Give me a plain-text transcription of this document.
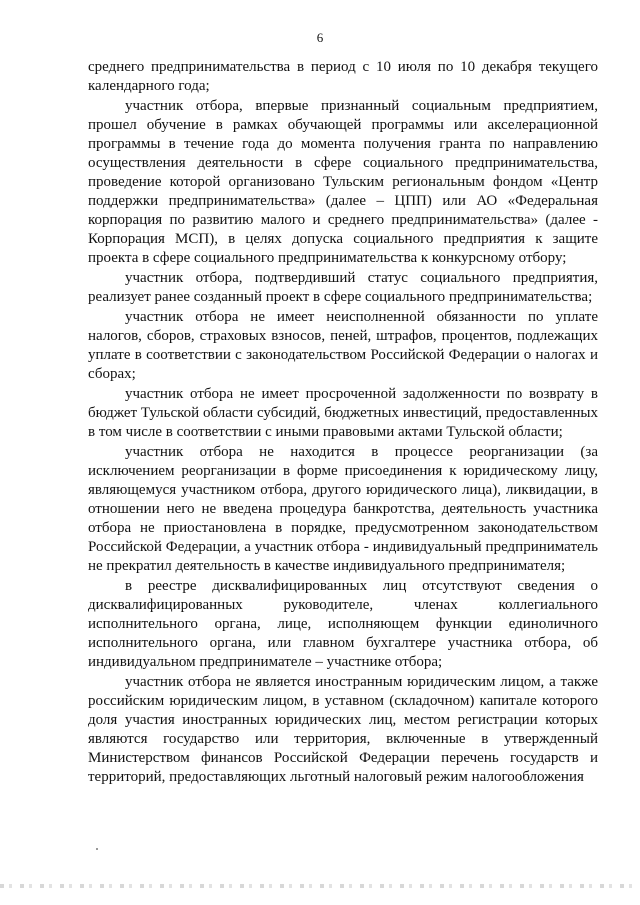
6

среднего предпринимательства в период с 10 июля по 10 декабря текущего календарного года;

участник отбора, впервые признанный социальным предприятием, прошел обучение в рамках обучающей программы или акселерационной программы в течение года до момента получения гранта по направлению осуществления деятельности в сфере социального предпринимательства, проведение которой организовано Тульским региональным фондом «Центр поддержки предпринимательства» (далее – ЦПП) или АО «Федеральная корпорация по развитию малого и среднего предпринимательства» (далее - Корпорация МСП), в целях допуска социального предприятия к защите проекта в сфере социального предпринимательства к конкурсному отбору;

участник отбора, подтвердивший статус социального предприятия, реализует ранее созданный проект в сфере социального предпринимательства;

участник отбора не имеет неисполненной обязанности по уплате налогов, сборов, страховых взносов, пеней, штрафов, процентов, подлежащих уплате в соответствии с законодательством Российской Федерации о налогах и сборах;

участник отбора не имеет просроченной задолженности по возврату в бюджет Тульской области субсидий, бюджетных инвестиций, предоставленных в том числе в соответствии с иными правовыми актами Тульской области;

участник отбора не находится в процессе реорганизации (за исключением реорганизации в форме присоединения к юридическому лицу, являющемуся участником отбора, другого юридического лица), ликвидации, в отношении него не введена процедура банкротства, деятельность участника отбора не приостановлена в порядке, предусмотренном законодательством Российской Федерации, а участник отбора - индивидуальный предприниматель не прекратил деятельность в качестве индивидуального предпринимателя;

в реестре дисквалифицированных лиц отсутствуют сведения о дисквалифицированных руководителе, членах коллегиального исполнительного органа, лице, исполняющем функции единоличного исполнительного органа, или главном бухгалтере участника отбора, об индивидуальном предпринимателе – участнике отбора;

участник отбора не является иностранным юридическим лицом, а также российским юридическим лицом, в уставном (складочном) капитале которого доля участия иностранных юридических лиц, местом регистрации которых являются государство или территория, включенные в утвержденный Министерством финансов Российской Федерации перечень государств и территорий, предоставляющих льготный налоговый режим налогообложения
